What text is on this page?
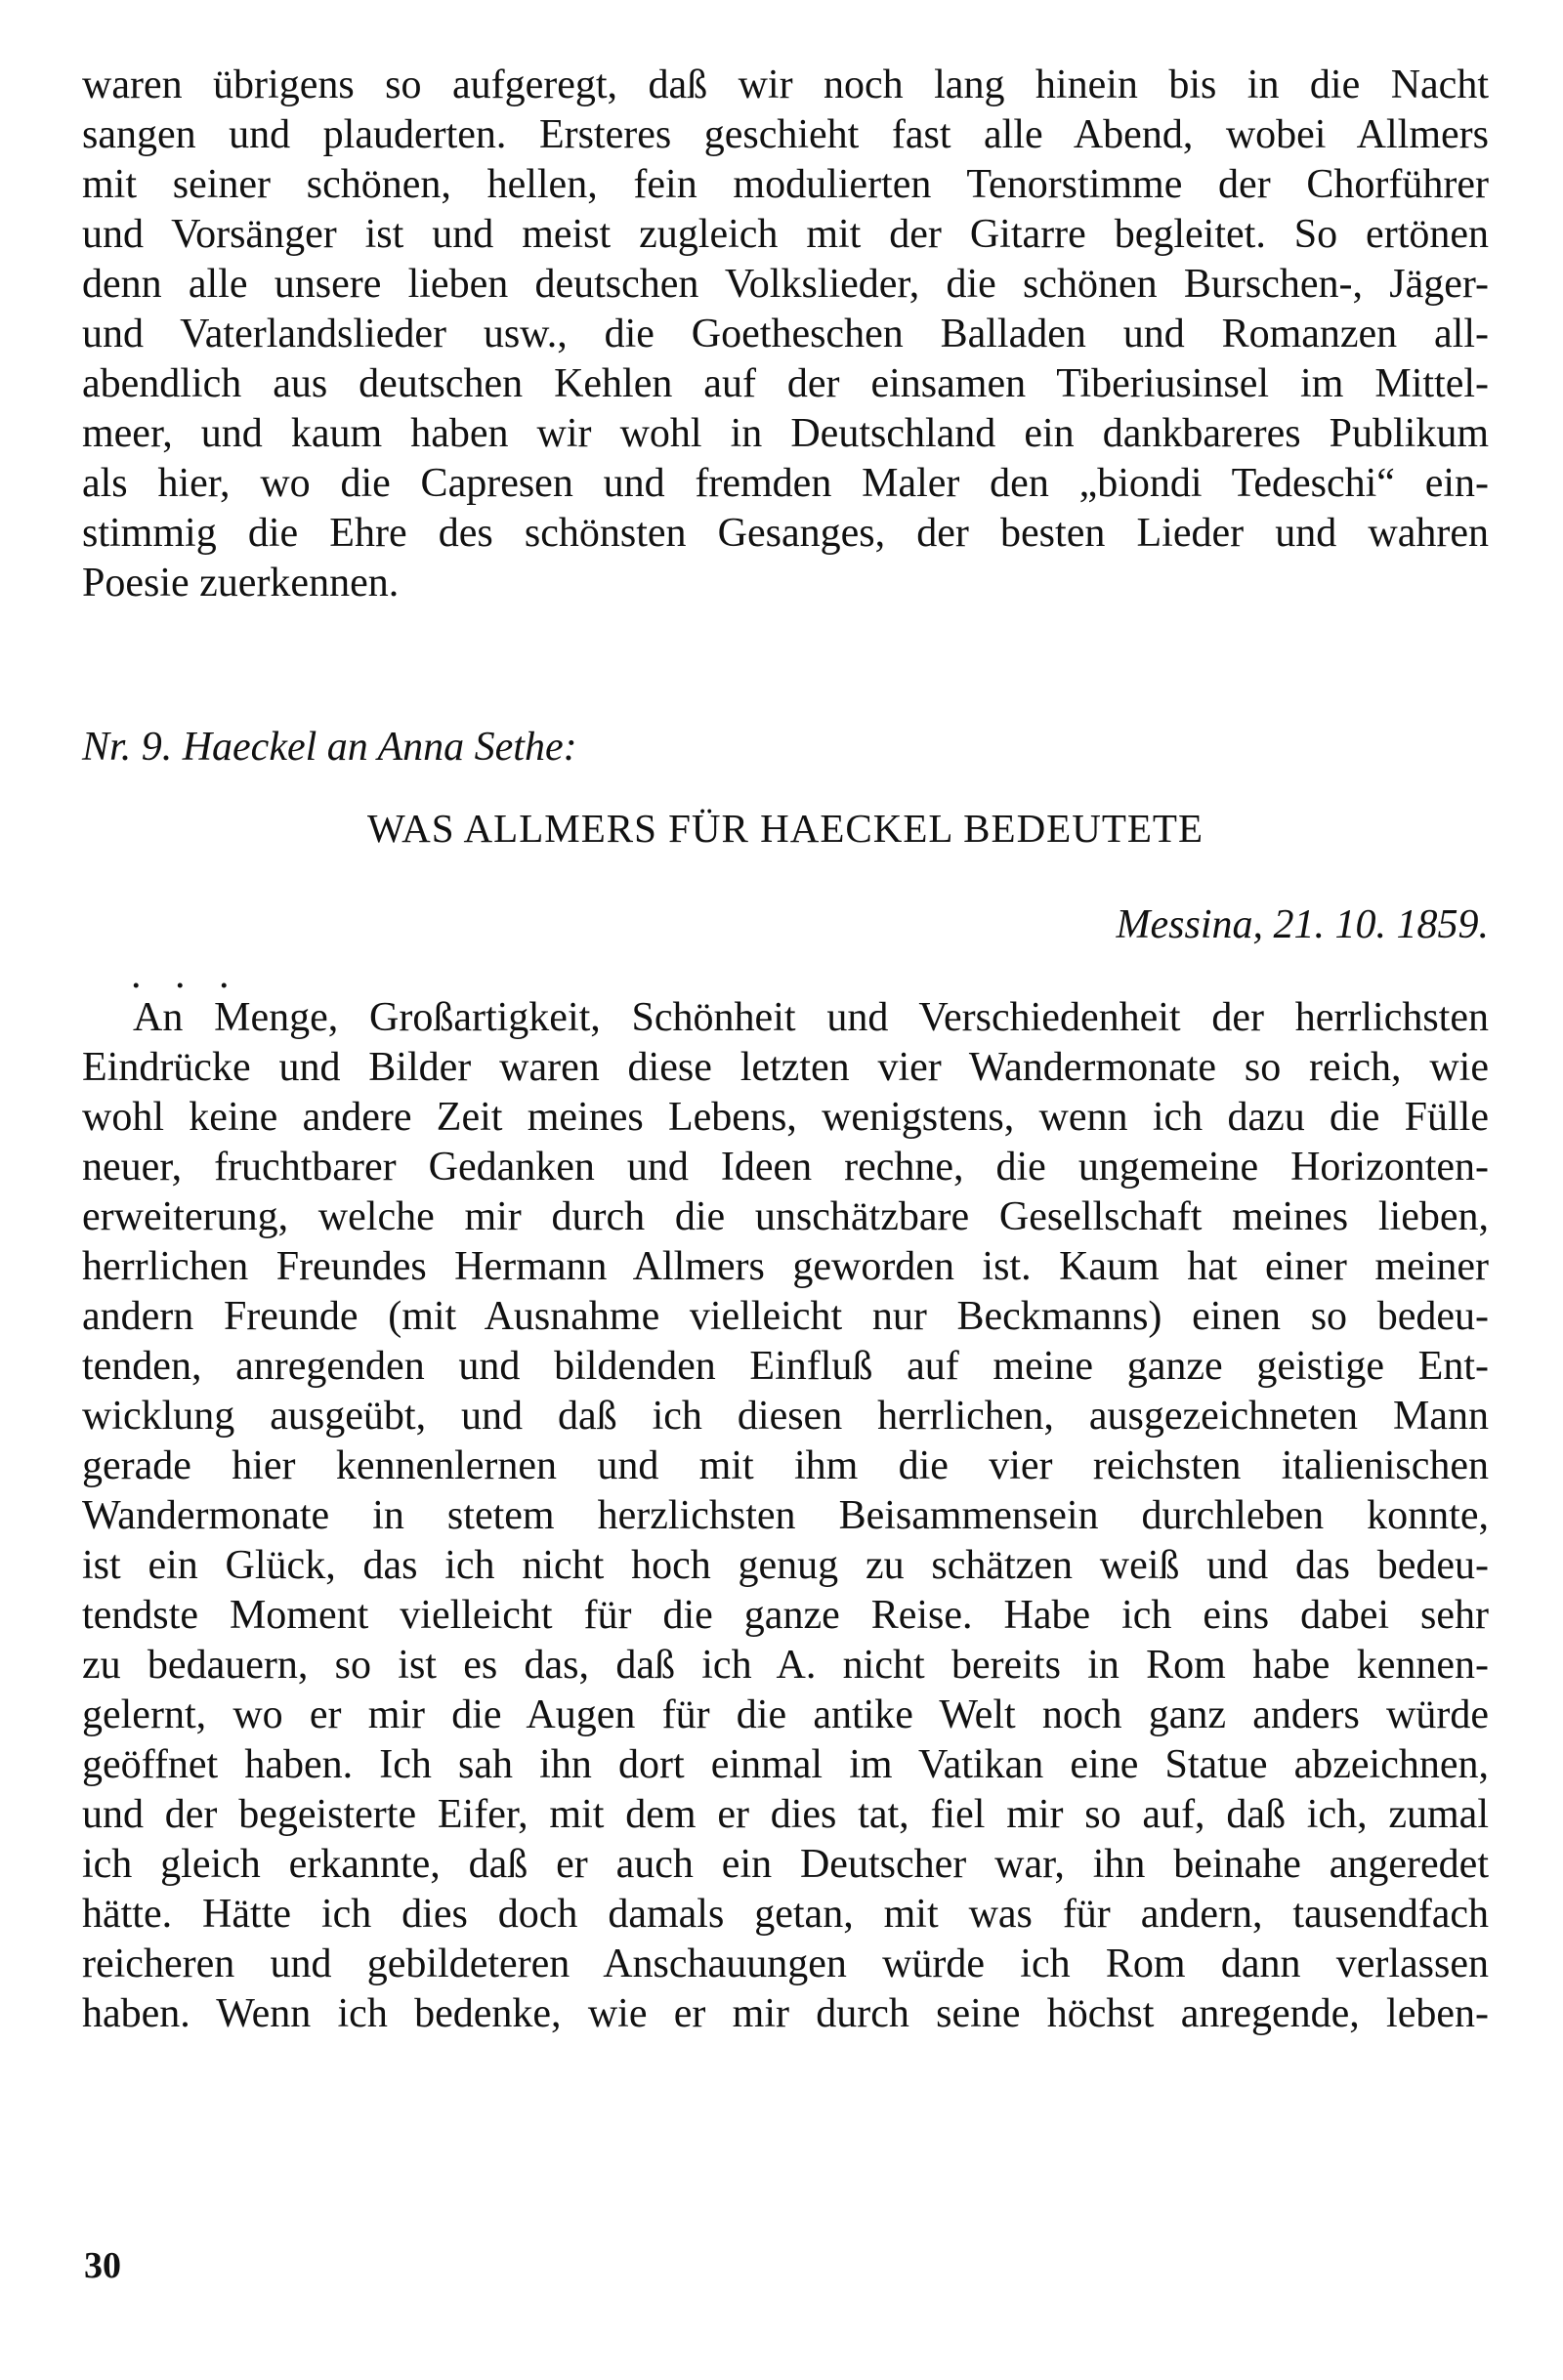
waren übrigens so aufgeregt, daß wir noch lang hinein bis in die Nacht
sangen und plauderten. Ersteres geschieht fast alle Abend, wobei Allmers
mit seiner schönen, hellen, fein modulierten Tenorstimme der Chorführer
und Vorsänger ist und meist zugleich mit der Gitarre begleitet. So ertönen
denn alle unsere lieben deutschen Volkslieder, die schönen Burschen-, Jäger-
und Vaterlandslieder usw., die Goetheschen Balladen und Romanzen all-
abendlich aus deutschen Kehlen auf der einsamen Tiberiusinsel im Mittel-
meer, und kaum haben wir wohl in Deutschland ein dankbareres Publikum
als hier, wo die Capresen und fremden Maler den „biondi Tedeschi“ ein-
stimmig die Ehre des schönsten Gesanges, der besten Lieder und wahren
Poesie zuerkennen.
Nr. 9. Haeckel an Anna Sethe:
WAS ALLMERS FÜR HAECKEL BEDEUTETE
Messina, 21. 10. 1859.
. . .
An Menge, Großartigkeit, Schönheit und Verschiedenheit der herrlichsten
Eindrücke und Bilder waren diese letzten vier Wandermonate so reich, wie
wohl keine andere Zeit meines Lebens, wenigstens, wenn ich dazu die Fülle
neuer, fruchtbarer Gedanken und Ideen rechne, die ungemeine Horizonten-
erweiterung, welche mir durch die unschätzbare Gesellschaft meines lieben,
herrlichen Freundes Hermann Allmers geworden ist. Kaum hat einer meiner
andern Freunde (mit Ausnahme vielleicht nur Beckmanns) einen so bedeu-
tenden, anregenden und bildenden Einfluß auf meine ganze geistige Ent-
wicklung ausgeübt, und daß ich diesen herrlichen, ausgezeichneten Mann
gerade hier kennenlernen und mit ihm die vier reichsten italienischen
Wandermonate in stetem herzlichsten Beisammensein durchleben konnte,
ist ein Glück, das ich nicht hoch genug zu schätzen weiß und das bedeu-
tendste Moment vielleicht für die ganze Reise. Habe ich eins dabei sehr
zu bedauern, so ist es das, daß ich A. nicht bereits in Rom habe kennen-
gelernt, wo er mir die Augen für die antike Welt noch ganz anders würde
geöffnet haben. Ich sah ihn dort einmal im Vatikan eine Statue abzeichnen,
und der begeisterte Eifer, mit dem er dies tat, fiel mir so auf, daß ich, zumal
ich gleich erkannte, daß er auch ein Deutscher war, ihn beinahe angeredet
hätte. Hätte ich dies doch damals getan, mit was für andern, tausendfach
reicheren und gebildeteren Anschauungen würde ich Rom dann verlassen
haben. Wenn ich bedenke, wie er mir durch seine höchst anregende, leben-
30
